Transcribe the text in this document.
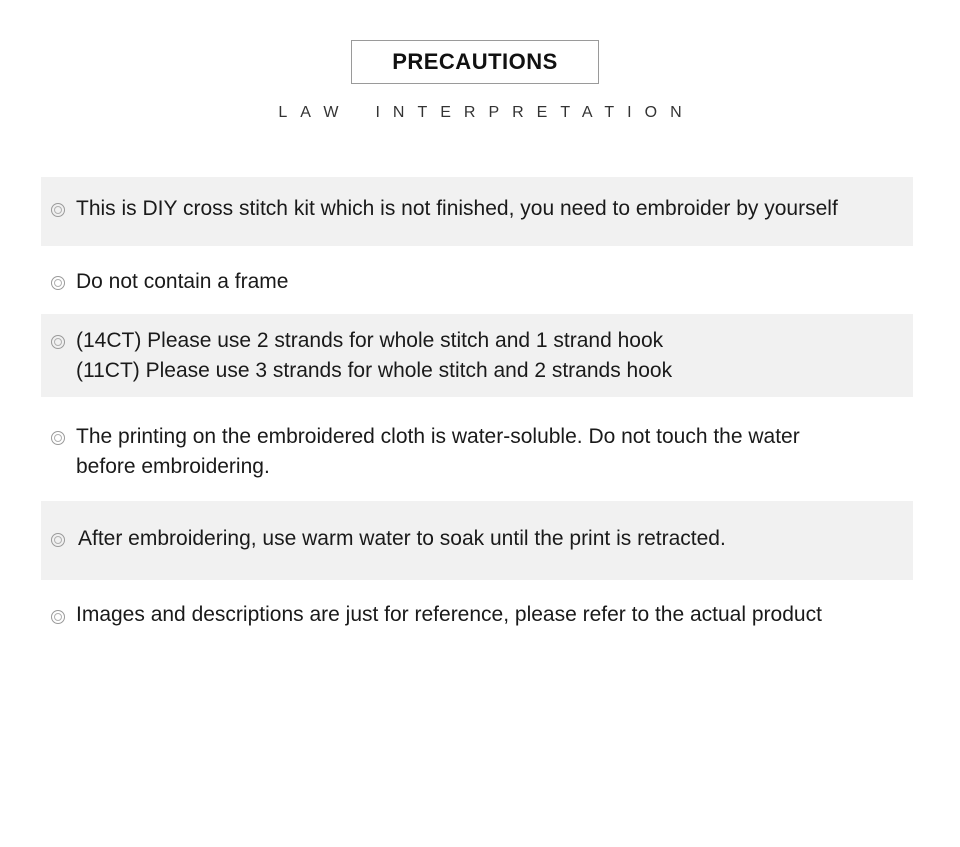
PRECAUTIONS
LAW INTERPRETATION
This is DIY cross stitch kit which is not finished, you need to embroider by yourself
Do not contain a frame
(14CT) Please use 2 strands for whole stitch and 1 strand hook
(11CT) Please use 3 strands for whole stitch and 2 strands hook
The printing on the embroidered cloth is water-soluble. Do not touch the water
before embroidering.
After embroidering, use warm water to soak until the print is retracted.
Images and descriptions are just for reference, please refer to the actual product
